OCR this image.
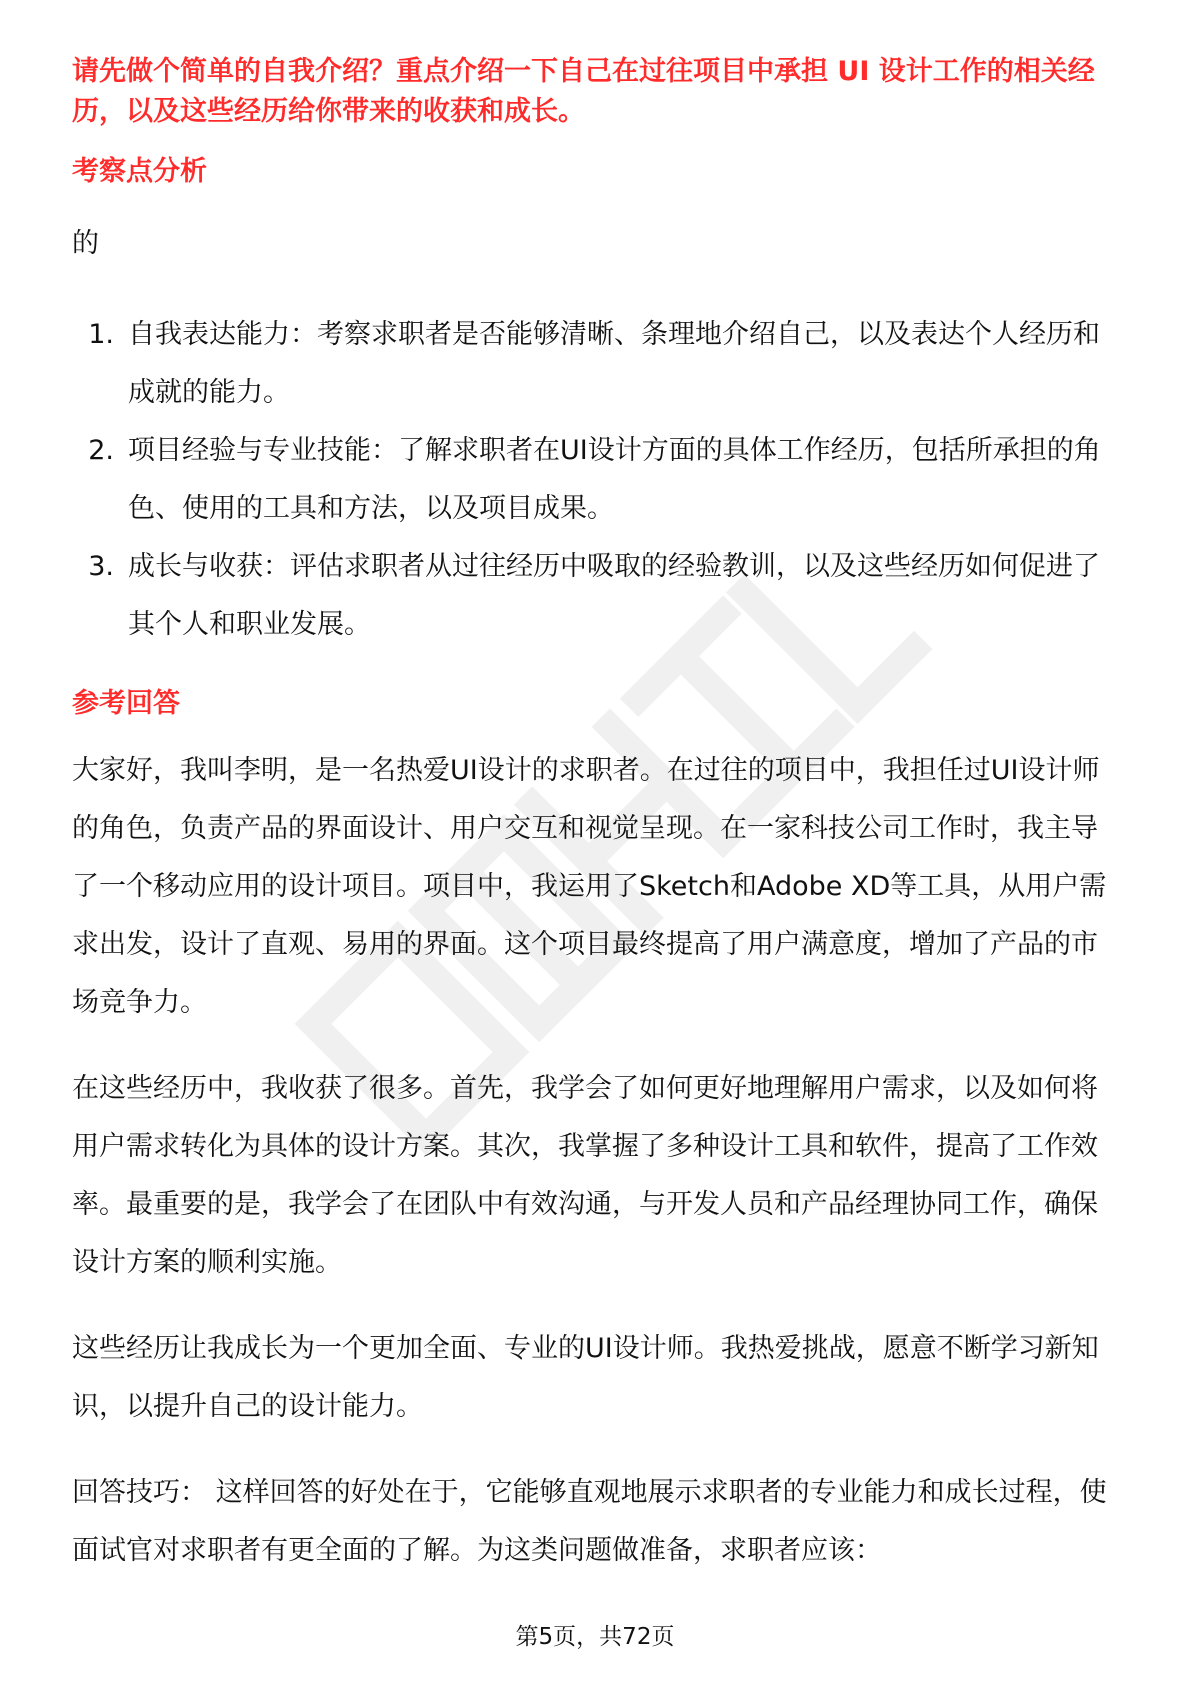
请先做个简单的自我介绍？重点介绍一下自己在过往项目中承担 UI 设计工作的相关经历，以及这些经历给你带来的收获和成长。

考察点分析

的

1. 自我表达能力：考察求职者是否能够清晰、条理地介绍自己，以及表达个人经历和成就的能力。
2. 项目经验与专业技能：了解求职者在UI设计方面的具体工作经历，包括所承担的角色、使用的工具和方法，以及项目成果。
3. 成长与收获：评估求职者从过往经历中吸取的经验教训，以及这些经历如何促进了其个人和职业发展。
参考回答

大家好，我叫李明，是一名热爱UI设计的求职者。在过往的项目中，我担任过UI设计师的角色，负责产品的界面设计、用户交互和视觉呈现。在一家科技公司工作时，我主导了一个移动应用的设计项目。项目中，我运用了Sketch和Adobe XD等工具，从用户需求出发，设计了直观、易用的界面。这个项目最终提高了用户满意度，增加了产品的市场竞争力。

在这些经历中，我收获了很多。首先，我学会了如何更好地理解用户需求，以及如何将用户需求转化为具体的设计方案。其次，我掌握了多种设计工具和软件，提高了工作效率。最重要的是，我学会了在团队中有效沟通，与开发人员和产品经理协同工作，确保设计方案的顺利实施。

这些经历让我成长为一个更加全面、专业的UI设计师。我热爱挑战，愿意不断学习新知识，以提升自己的设计能力。

回答技巧： 这样回答的好处在于，它能够直观地展示求职者的专业能力和成长过程，使面试官对求职者有更全面的了解。为这类问题做准备，求职者应该：

第5页，共72页
